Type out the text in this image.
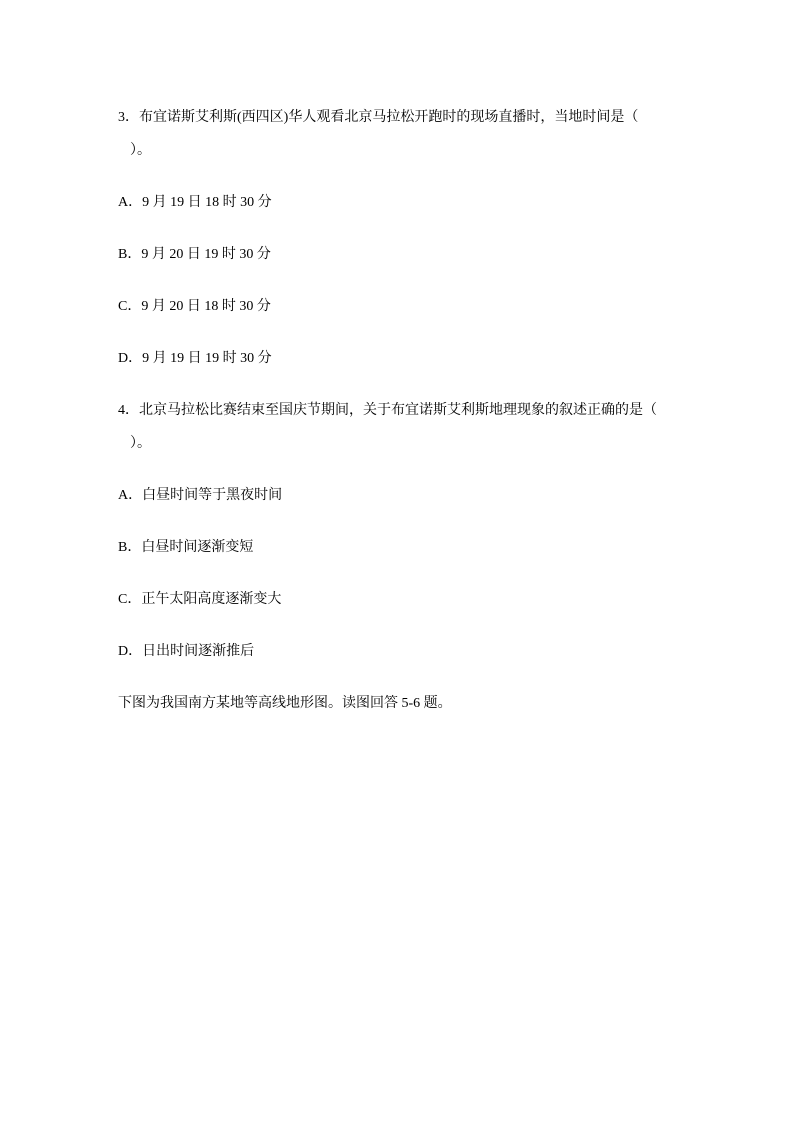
3．布宜诺斯艾利斯(西四区)华人观看北京马拉松开跑时的现场直播时，当地时间是（
）。
A．9 月 19 日 18 时 30 分
B．9 月 20 日 19 时 30 分
C．9 月 20 日 18 时 30 分
D．9 月 19 日 19 时 30 分
4．北京马拉松比赛结束至国庆节期间，关于布宜诺斯艾利斯地理现象的叙述正确的是（
）。
A．白昼时间等于黑夜时间
B．白昼时间逐渐变短
C．正午太阳高度逐渐变大
D．日出时间逐渐推后
下图为我国南方某地等高线地形图。读图回答 5-6 题。
